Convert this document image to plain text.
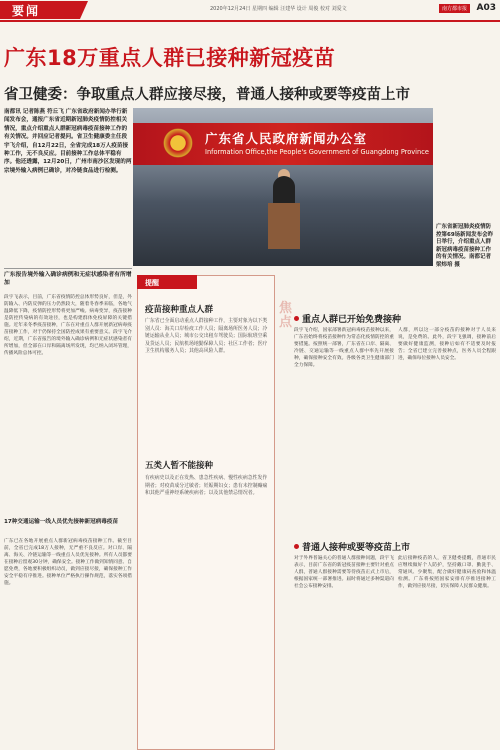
要闻	2020年12月24日 星期四 编辑 汪建华 设计 周俊 校对 刘爱文	南方都市报	A03
广东18万重点人群已接种新冠疫苗
省卫健委：争取重点人群应接尽接，普通人接种或要等疫苗上市
南都讯 记者陈燕 符丘飞 广东省政府新闻办举行新闻发布会，通报广东省近期新冠肺炎疫情防控相关情况，重点介绍重点人群新冠病毒疫苗接种工作的有关情况。并回应记者提问。省卫生健康委主任段宇飞介绍，自12月22日，全省完成18万人疫苗接种工作，无不良反应。目前接种工作总体平稳有序。他还透露，12月20日，广州市南沙区发现的两宗境外输入病例已确诊，对冷链食品进行检测。
广东省人民政府新闻办公室
Information Office,the People's Government of Guangdong Province
广东省新冠肺炎疫情防控第69场新闻发布会昨日举行，介绍重点人群新冠病毒疫苗接种工作的有关情况。南都记者 梁炜培 摄
广东报告境外输入确诊病例和无症状感染者有所增加
段宇飞表示，目前，广东省疫情防控总体形势良好，但是，外防输入、内防反弹的压力仍然较大，随着冬春季来临，各地气温降低下降，疫情防控形势将更加严峻。病毒变异，疫苗接种是防控传染病的有效途径，也是构建群体免疫屏障的关键措施。近年来冬季疫苗接种，广东在对重点人群开展新冠病毒疫苗接种工作，对于仍保持全国防控成果有重要意义。段宇飞介绍，近期，广东省报告的境外输入确诊病例和无症状感染者有所增加，但全部在口岸和隔离场所发现，均已纳入闭环管理，传播风险总体可控。
17种交通运输一线人员优先接种新冠病毒疫苗
广东已在各地开展重点人群新冠病毒疫苗接种工作。截至目前，全省已完成18万人接种，无严重不良反应。对口岸、隔离、海关、冷链运输等一线重点人员优先接种。所有人员都要在接种后留观30分钟，确保安全。接种工作做到知情同意、自愿免费，各地要积极组织动员，做到应接尽接，确保接种工作安全平稳有序推进。接种单位严格执行操作规范，落实各项措施。
提醒
疫苗接种重点人群
广东省已全面启动重点人群接种工作，主要对象为以下类别人员：海关口岸检疫工作人员；隔离场所医务人员；冷链运输从业人员；城市公交出租车驾驶员；国际航班空乘及货运人员；民航机场地勤保障人员；社区工作者；医疗卫生机构服务人员；其他高风险人群。
五类人暂不能接种
有疾病史以及正在发热、患急性疾病、慢性疾病急性发作期者；对疫苗成分过敏者；妊娠期妇女；患有未控制癫痫和其他严重神经系统疾病者；以及其他禁忌情况者。
焦点	重点人群已开始免费接种
段宇飞介绍，国家部署新冠病毒疫苗接种以来，广东省始终将疫苗接种作为常态化疫情防控的重要措施。按照统一部署，广东省在口岸、隔离、冷链、交通运输等一线重点人群中率先开展接种，确保接种安全有效。各级各类卫生健康部门全力保障。
人群，所以这一部分疫苗的接种对于人员来说，是免费的。此外，段宇飞强调，接种前后要做好健康监测，接种后如有不适要及时报告；全省已建立完善接种点，医务人员全程跟进，确保每位接种人员安全。
普通人接种或要等疫苗上市
对于外界普遍关心的普通人群接种问题，段宇飞表示，目前广东省的新冠疫苗接种主要针对重点人群，普通人群接种需要等待疫苗正式上市后，根据国家统一部署推进。届时将通过多种渠道向社会公布接种安排。
此后接种疫苗的人，省卫健委提醒，普通市民应继续做好个人防护，坚持戴口罩、勤洗手、常通风、少聚集，配合做好健康码查验和体温检测。广东将按照国家安排有序推进接种工作，做到应接尽接，切实保障人民群众健康。
